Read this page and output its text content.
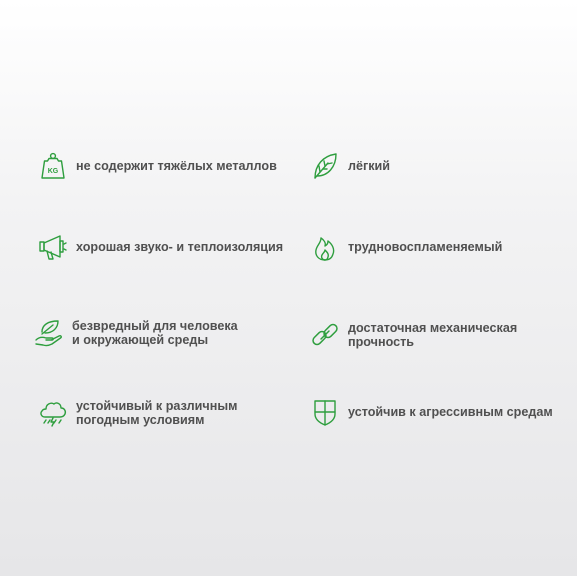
KG не содержит тяжёлых металлов	лёгкий
хорошая звуко- и теплоизоляция	трудновоспламеняемый
безвредный для человека
и окружающей среды
достаточная механическая
прочность
устойчивый к различным
погодным условиям
устойчив к агрессивным средам
